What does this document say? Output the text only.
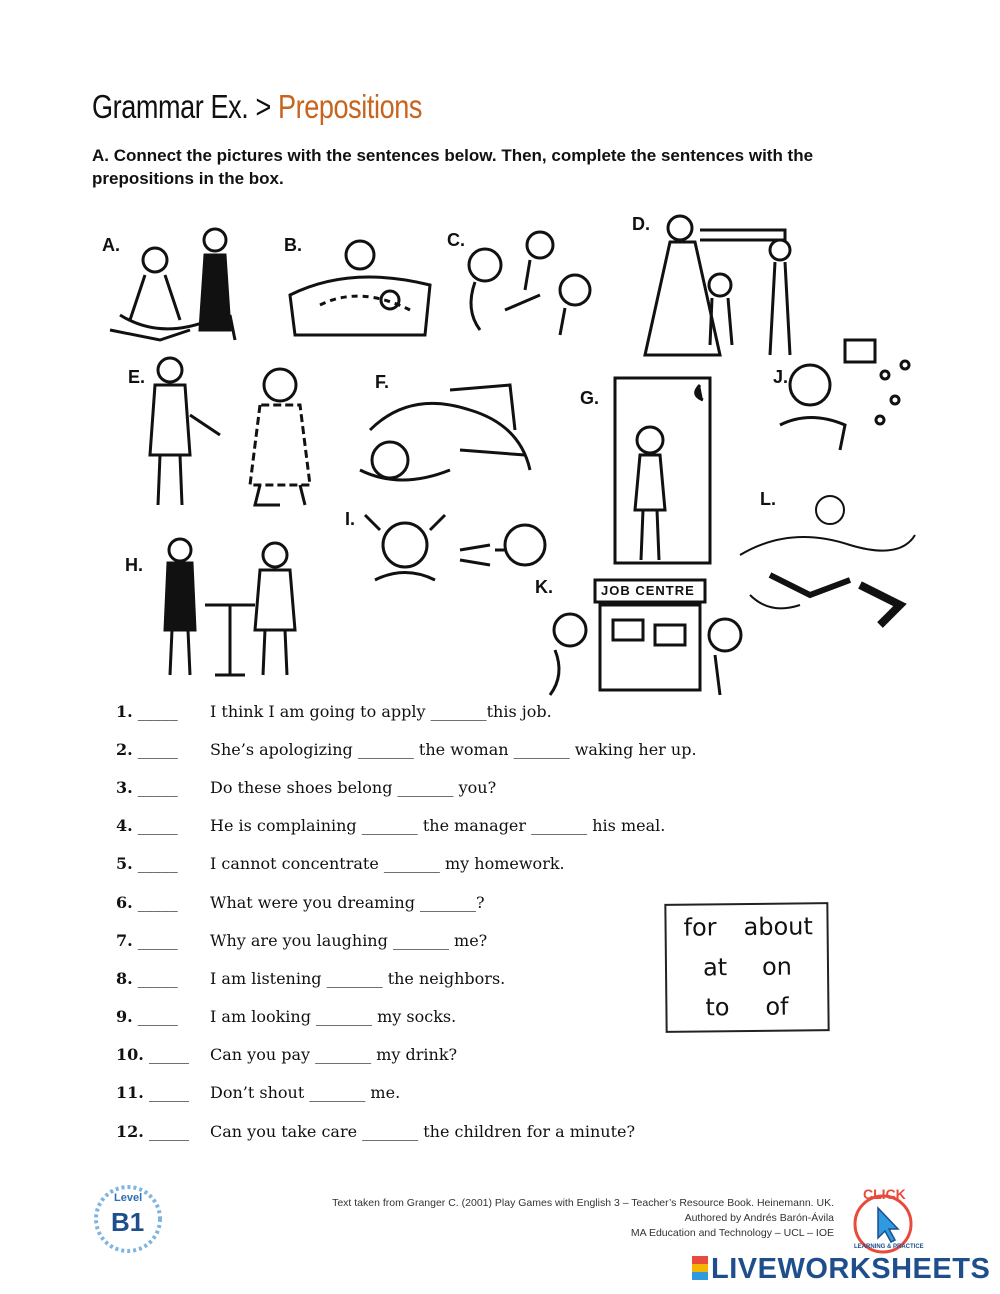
Grammar Ex. > Prepositions
A. Connect the pictures with the sentences below. Then, complete the sentences with the prepositions in the box.
A.	B.	C.
D.
E.	F.
G.
J.
H.
I.
K.	JOB CENTRE
L.
1. _____ I think I am going to apply _______this job.
2. _____ She’s apologizing _______ the woman _______ waking her up.
3. _____ Do these shoes belong _______ you?
4. _____ He is complaining _______ the manager _______ his meal.
5. _____ I cannot concentrate _______ my homework.
6. _____ What were you dreaming _______?
7. _____ Why are you laughing _______ me?
8. _____ I am listening _______ the neighbors.
9. _____ I am looking _______ my socks.
10. _____ Can you pay _______ my drink?
11. _____ Don’t shout _______ me.
12. _____ Can you take care _______ the children for a minute?
for about
at on
to of
Level
B1
Text taken from Granger C. (2001) Play Games with English 3 – Teacher’s Resource Book. Heinemann. UK.
Authored by Andrés Barón-Ávila
MA Education and Technology – UCL – IOE
CLICK
LEARNING & PRACTICE
LIVEWORKSHEETS
